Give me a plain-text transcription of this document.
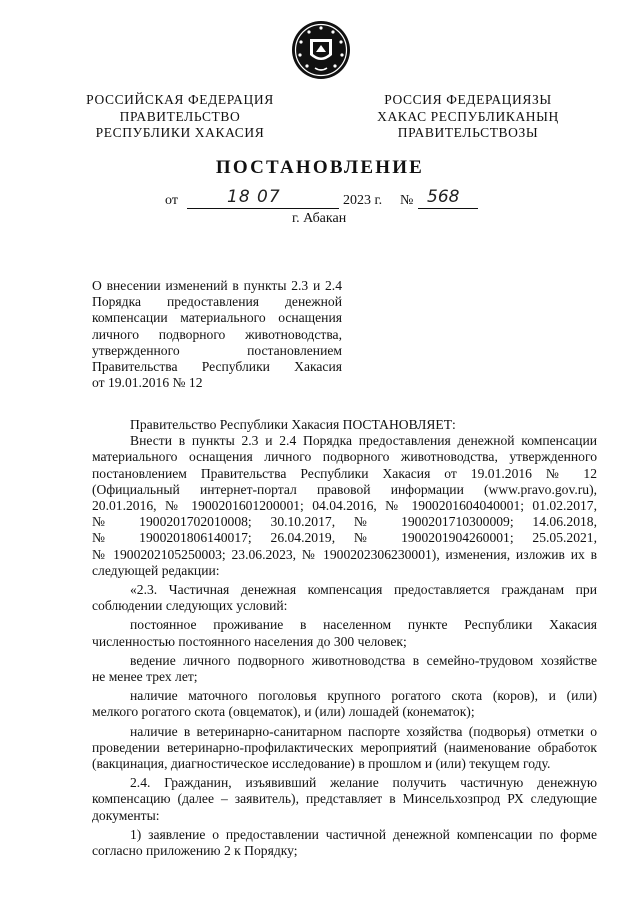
РОССИЙСКАЯ ФЕДЕРАЦИЯ
ПРАВИТЕЛЬСТВО
РЕСПУБЛИКИ ХАКАСИЯ
РОССИЯ ФЕДЕРАЦИЯЗЫ
ХАКАС РЕСПУБЛИКАНЫҢ
ПРАВИТЕЛЬСТВОЗЫ
ПОСТАНОВЛЕНИЕ
от	18 07	2023 г. № 568
г. Абакан
О внесении изменений в пункты 2.3 и 2.4
Порядка предоставления денежной
компенсации материального оснащения
личного подворного животноводства,
утвержденного постановлением
Правительства Республики Хакасия
от 19.01.2016 № 12
Правительство Республики Хакасия ПОСТАНОВЛЯЕТ:
Внести в пункты 2.3 и 2.4 Порядка предоставления денежной компенсации
материального оснащения личного подворного животноводства, утвержденного
постановлением Правительства Республики Хакасия от 19.01.2016 № 12
(Официальный интернет-портал правовой информации (www.pravo.gov.ru),
20.01.2016, № 1900201601200001; 04.04.2016, № 1900201604040001; 01.02.2017,
№ 1900201702010008; 30.10.2017, № 1900201710300009; 14.06.2018,
№ 1900201806140017; 26.04.2019, № 1900201904260001; 25.05.2021,
№ 1900202105250003; 23.06.2023, № 1900202306230001), изменения, изложив их в
следующей редакции:
«2.3. Частичная денежная компенсация предоставляется гражданам при
соблюдении следующих условий:
постоянное проживание в населенном пункте Республики Хакасия
численностью постоянного населения до 300 человек;
ведение личного подворного животноводства в семейно-трудовом хозяйстве
не менее трех лет;
наличие маточного поголовья крупного рогатого скота (коров), и (или)
мелкого рогатого скота (овцематок), и (или) лошадей (конематок);
наличие в ветеринарно-санитарном паспорте хозяйства (подворья) отметки о
проведении ветеринарно-профилактических мероприятий (наименование обработок
(вакцинация, диагностическое исследование) в прошлом и (или) текущем году.
2.4. Гражданин, изъявивший желание получить частичную денежную
компенсацию (далее – заявитель), представляет в Минсельхозпрод РХ следующие
документы:
1) заявление о предоставлении частичной денежной компенсации по форме
согласно приложению 2 к Порядку;
